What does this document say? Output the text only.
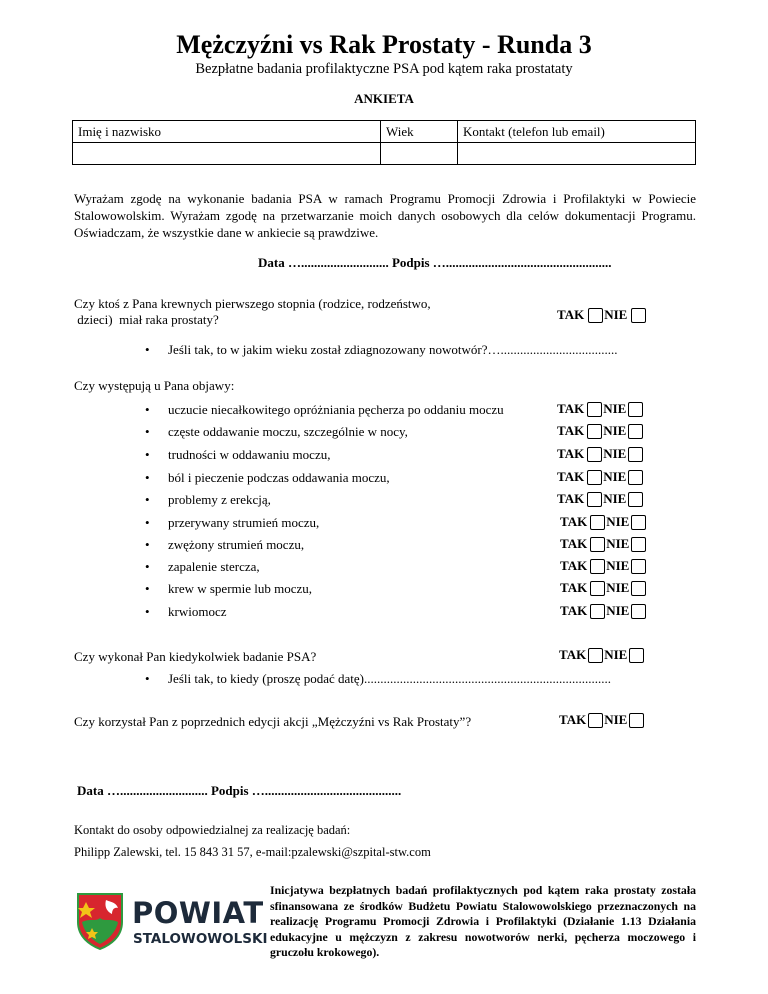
Mężczyźni vs Rak Prostaty - Runda 3
Bezpłatne badania profilaktyczne PSA pod kątem raka prostataty
ANKIETA
Imię i nazwisko	Wiek	Kontakt (telefon lub email)

Wyrażam zgodę na wykonanie badania PSA w ramach Programu Promocji Zdrowia i Profilaktyki w Powiecie Stalowowolskim. Wyrażam zgodę na przetwarzanie moich danych osobowych dla celów dokumentacji Programu. Oświadczam, że wszystkie dane w ankiecie są prawdziwe.
Data …........................... Podpis …...................................................
Czy ktoś z Pana krewnych pierwszego stopnia (rodzice, rodzeństwo,
dzieci)  miał raka prostaty?	TAK NIE
• Jeśli tak, to w jakim wieku został zdiagnozowany nowotwór?…....................................
Czy występują u Pana objawy:
• uczucie niecałkowitego opróżniania pęcherza po oddaniu moczu	TAK NIE
• częste oddawanie moczu, szczególnie w nocy,	TAK NIE
• trudności w oddawaniu moczu,	TAK NIE
• ból i pieczenie podczas oddawania moczu,	TAK NIE
• problemy z erekcją,	TAK NIE
• przerywany strumień moczu,	TAK NIE
• zwężony strumień moczu,	TAK NIE
• zapalenie stercza,	TAK NIE
• krew w spermie lub moczu,	TAK NIE
• krwiomocz	TAK NIE
Czy wykonał Pan kiedykolwiek badanie PSA?	TAK NIE
• Jeśli tak, to kiedy (proszę podać datę)............................................................................
Czy korzystał Pan z poprzednich edycji akcji „Mężczyźni vs Rak Prostaty”?	TAK NIE
Data …........................... Podpis …..........................................
Kontakt do osoby odpowiedzialnej za realizację badań:
Philipp Zalewski, tel. 15 843 31 57, e-mail:pzalewski@szpital-stw.com
POWIAT
STALOWOWOLSKI
Inicjatywa bezpłatnych badań profilaktycznych pod kątem raka prostaty została sfinansowana ze środków Budżetu Powiatu Stalowowolskiego przeznaczonych na realizację Programu Promocji Zdrowia i Profilaktyki (Działanie 1.13 Działania edukacyjne u mężczyzn z zakresu nowotworów nerki, pęcherza moczowego i gruczołu krokowego).
